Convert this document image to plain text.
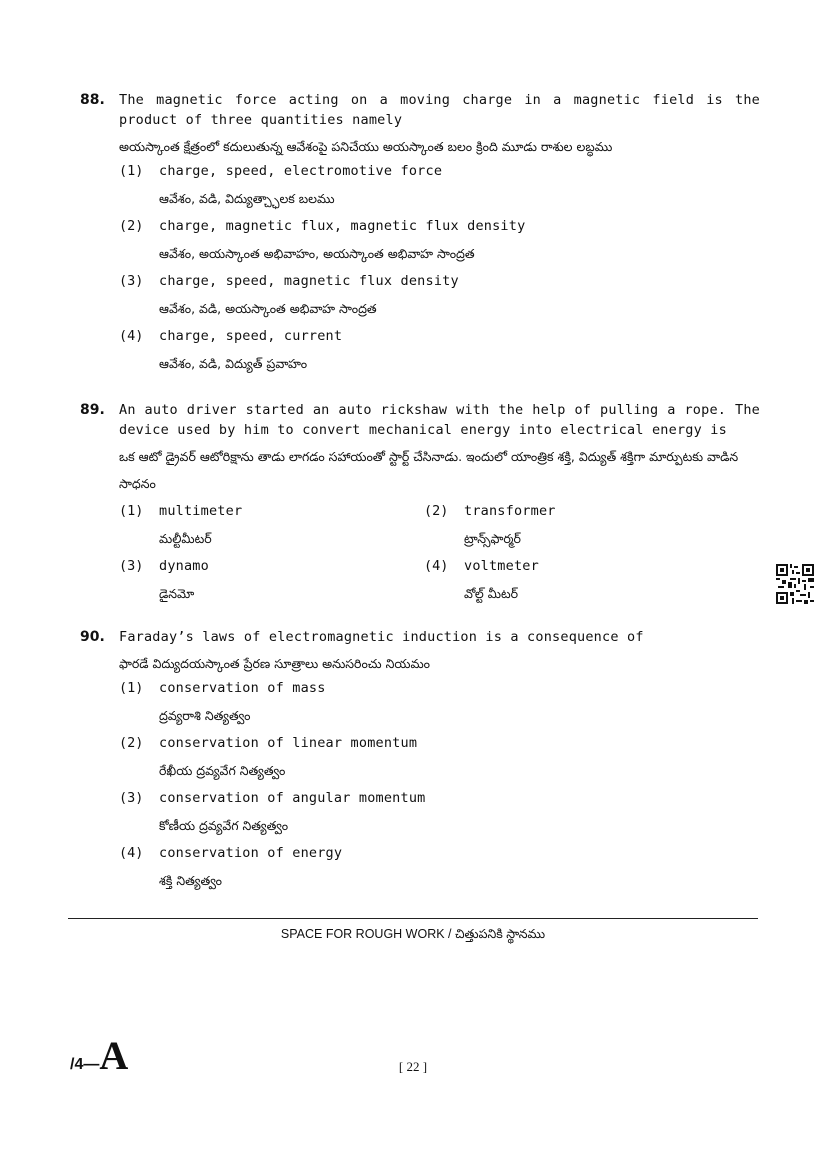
88.	The magnetic force acting on a moving charge in a magnetic field is the product of three quantities namely
అయస్కాంత క్షేత్రంలో కదులుతున్న ఆవేశంపై పనిచేయు అయస్కాంత బలం క్రింది మూడు రాశుల లబ్ధము
(1)	charge, speed, electromotive force
ఆవేశం, వడి, విద్యుత్చ్ఛాలక బలము
(2)	charge, magnetic flux, magnetic flux density
ఆవేశం, అయస్కాంత అభివాహం, అయస్కాంత అభివాహ సాంద్రత
(3)	charge, speed, magnetic flux density
ఆవేశం, వడి, అయస్కాంత అభివాహ సాంద్రత
(4)	charge, speed, current
ఆవేశం, వడి, విద్యుత్ ప్రవాహం
89.	An auto driver started an auto rickshaw with the help of pulling a rope. The device used by him to convert mechanical energy into electrical energy is
ఒక ఆటో డ్రైవర్ ఆటోరిక్షాను తాడు లాగడం సహాయంతో స్టార్ట్ చేసినాడు. ఇందులో యాంత్రిక శక్తి, విద్యుత్ శక్తిగా మార్పుటకు వాడిన సాధనం
(1)	multimeter
మల్టీమీటర్
(2)	transformer
ట్రాన్స్‌ఫార్మర్
(3)	dynamo
డైనమో
(4)	voltmeter
వోల్ట్ మీటర్
90.	Faraday’s laws of electromagnetic induction is a consequence of
ఫారడే విద్యుదయస్కాంత ప్రేరణ సూత్రాలు అనుసరించు నియమం
(1)	conservation of mass
ద్రవ్యరాశి నిత్యత్వం
(2)	conservation of linear momentum
రేఖీయ ద్రవ్యవేగ నిత్యత్వం
(3)	conservation of angular momentum
కోణీయ ద్రవ్యవేగ నిత్యత్వం
(4)	conservation of energy
శక్తి నిత్యత్వం
SPACE FOR ROUGH WORK / చిత్తుపనికి స్థానము
/4— A	[ 22 ]
